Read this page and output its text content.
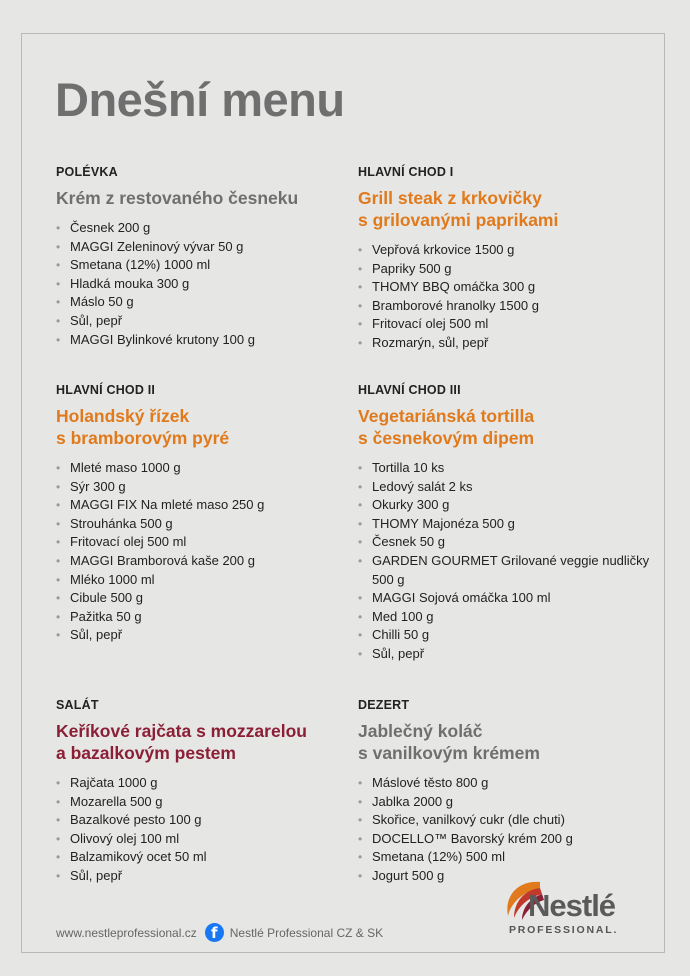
Dnešní menu
POLÉVKA
Krém z restovaného česneku
• Česnek 200 g
• MAGGI Zeleninový vývar 50 g
• Smetana (12%) 1000 ml
• Hladká mouka 300 g
• Máslo 50 g
• Sůl, pepř
• MAGGI Bylinkové krutony 100 g
HLAVNÍ CHOD I
Grill steak z krkovičky
s grilovanými paprikami
• Vepřová krkovice 1500 g
• Papriky 500 g
• THOMY BBQ omáčka 300 g
• Bramborové hranolky 1500 g
• Fritovací olej 500 ml
• Rozmarýn, sůl, pepř
HLAVNÍ CHOD II
Holandský řízek
s bramborovým pyré
• Mleté maso 1000 g
• Sýr 300 g
• MAGGI FIX Na mleté maso 250 g
• Strouhánka 500 g
• Fritovací olej 500 ml
• MAGGI Bramborová kaše 200 g
• Mléko 1000 ml
• Cibule 500 g
• Pažitka 50 g
• Sůl, pepř
HLAVNÍ CHOD III
Vegetariánská tortilla
s česnekovým dipem
• Tortilla 10 ks
• Ledový salát 2 ks
• Okurky 300 g
• THOMY Majonéza 500 g
• Česnek 50 g
• GARDEN GOURMET Grilované veggie nudličky 500 g
• MAGGI Sojová omáčka 100 ml
• Med 100 g
• Chilli 50 g
• Sůl, pepř
SALÁT
Keříkové rajčata s mozzarelou
a bazalkovým pestem
• Rajčata 1000 g
• Mozarella 500 g
• Bazalkové pesto 100 g
• Olivový olej 100 ml
• Balzamikový ocet 50 ml
• Sůl, pepř
DEZERT
Jablečný koláč
s vanilkovým krémem
• Máslové těsto 800 g
• Jablka 2000 g
• Skořice, vanilkový cukr (dle chuti)
• DOCELLO™ Bavorský krém 200 g
• Smetana (12%) 500 ml
• Jogurt 500 g
www.nestleprofessional.cz f	Nestlé Professional CZ & SK
Nestlé
PROFESSIONAL.
